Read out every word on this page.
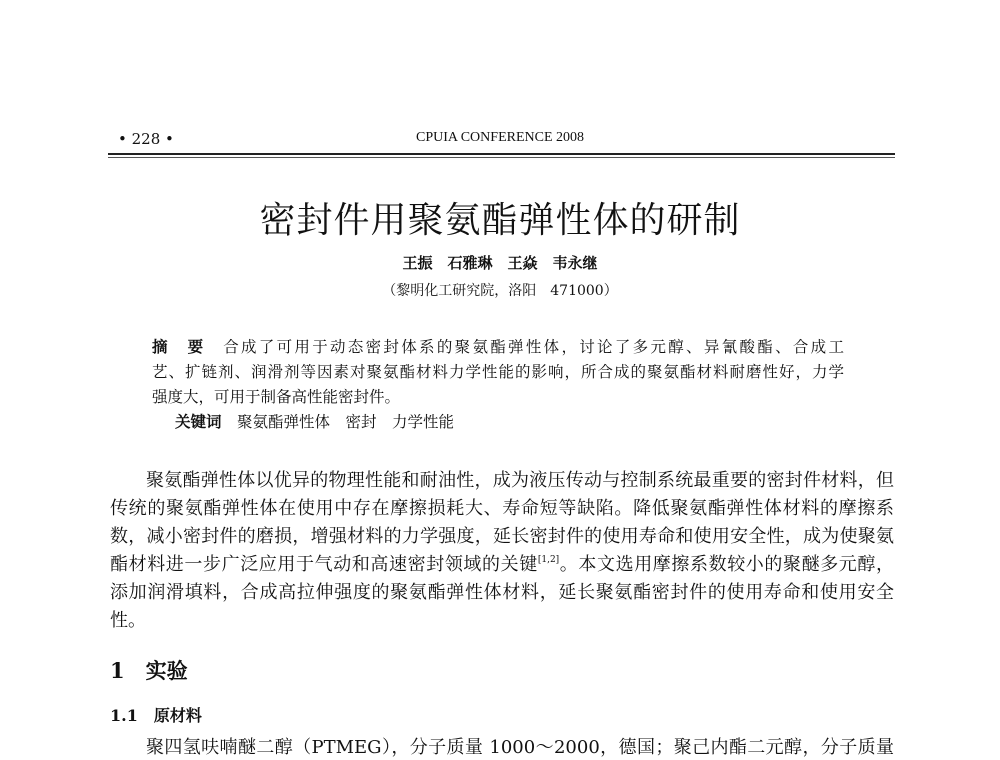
• 228 •	CPUIA CONFERENCE 2008
密封件用聚氨酯弹性体的研制
王振　石雅琳　王焱　韦永继
（黎明化工研究院，洛阳　471000）
摘　要　 合成了可用于动态密封体系的聚氨酯弹性体，讨论了多元醇、异氰酸酯、合成工
艺、扩链剂、润滑剂等因素对聚氨酯材料力学性能的影响，所合成的聚氨酯材料耐磨性好，力学
强度大，可用于制备高性能密封件。
关键词　 聚氨酯弹性体　密封　力学性能
聚氨酯弹性体以优异的物理性能和耐油性，成为液压传动与控制系统最重要的密封件材料，但
传统的聚氨酯弹性体在使用中存在摩擦损耗大、寿命短等缺陷。降低聚氨酯弹性体材料的摩擦系
数，减小密封件的磨损，增强材料的力学强度，延长密封件的使用寿命和使用安全性，成为使聚氨
酯材料进一步广泛应用于气动和高速密封领域的关键[1,2]。本文选用摩擦系数较小的聚醚多元醇，
添加润滑填料，合成高拉伸强度的聚氨酯弹性体材料，延长聚氨酯密封件的使用寿命和使用安全
性。
1　实验
1.1　原材料
聚四氢呋喃醚二醇（PTMEG），分子质量 1000～2000，德国；聚己内酯二元醇，分子质量
